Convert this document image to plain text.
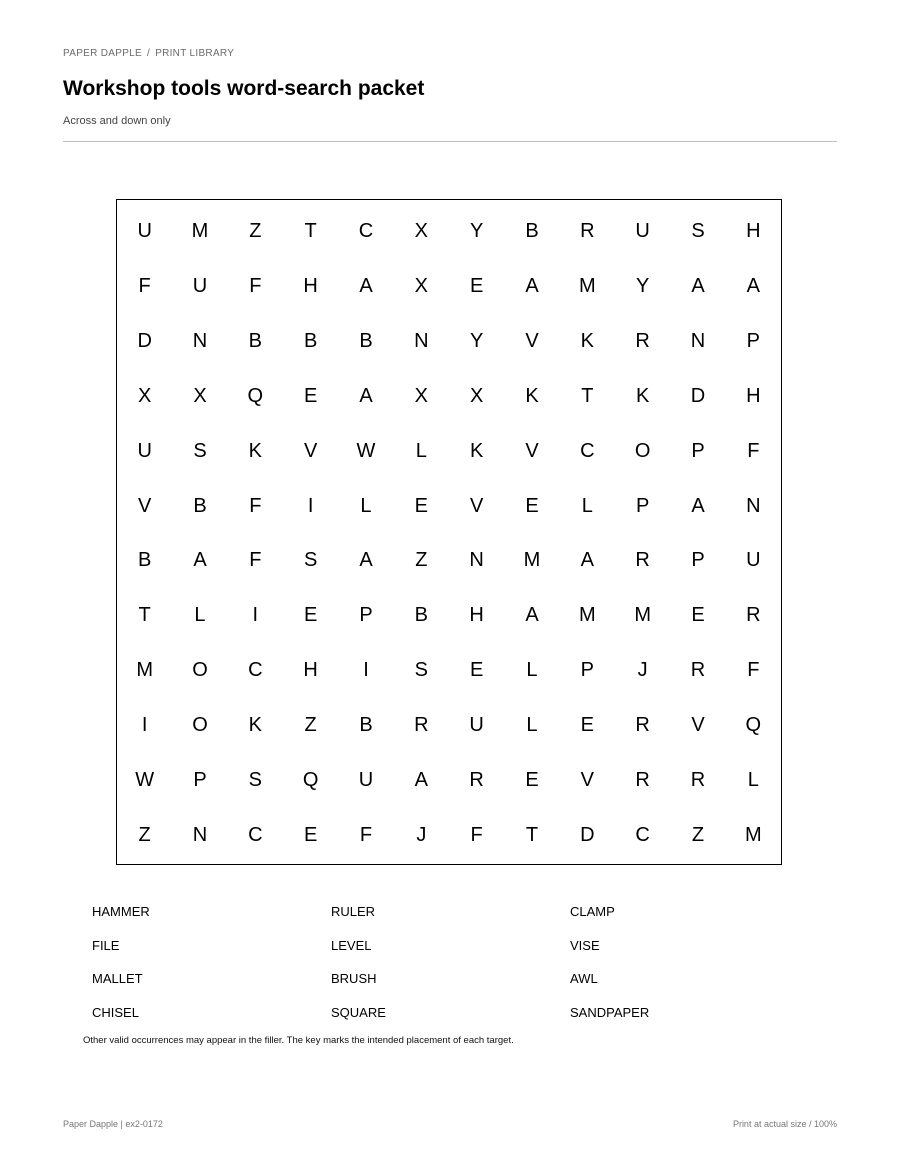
PAPER DAPPLE / PRINT LIBRARY
Workshop tools word-search packet
Across and down only
U	M	Z	T	C	X	Y	B	R	U	S	H
F	U	F	H	A	X	E	A	M	Y	A	A
D	N	B	B	B	N	Y	V	K	R	N	P
X	X	Q	E	A	X	X	K	T	K	D	H
U	S	K	V	W	L	K	V	C	O	P	F
V	B	F	I	L	E	V	E	L	P	A	N
B	A	F	S	A	Z	N	M	A	R	P	U
T	L	I	E	P	B	H	A	M	M	E	R
M	O	C	H	I	S	E	L	P	J	R	F
I	O	K	Z	B	R	U	L	E	R	V	Q
W	P	S	Q	U	A	R	E	V	R	R	L
Z	N	C	E	F	J	F	T	D	C	Z	M
HAMMER	RULER	CLAMP
FILE	LEVEL	VISE
MALLET	BRUSH	AWL
CHISEL	SQUARE	SANDPAPER
Other valid occurrences may appear in the filler. The key marks the intended placement of each target.
Paper Dapple | ex2-0172	Print at actual size / 100%
